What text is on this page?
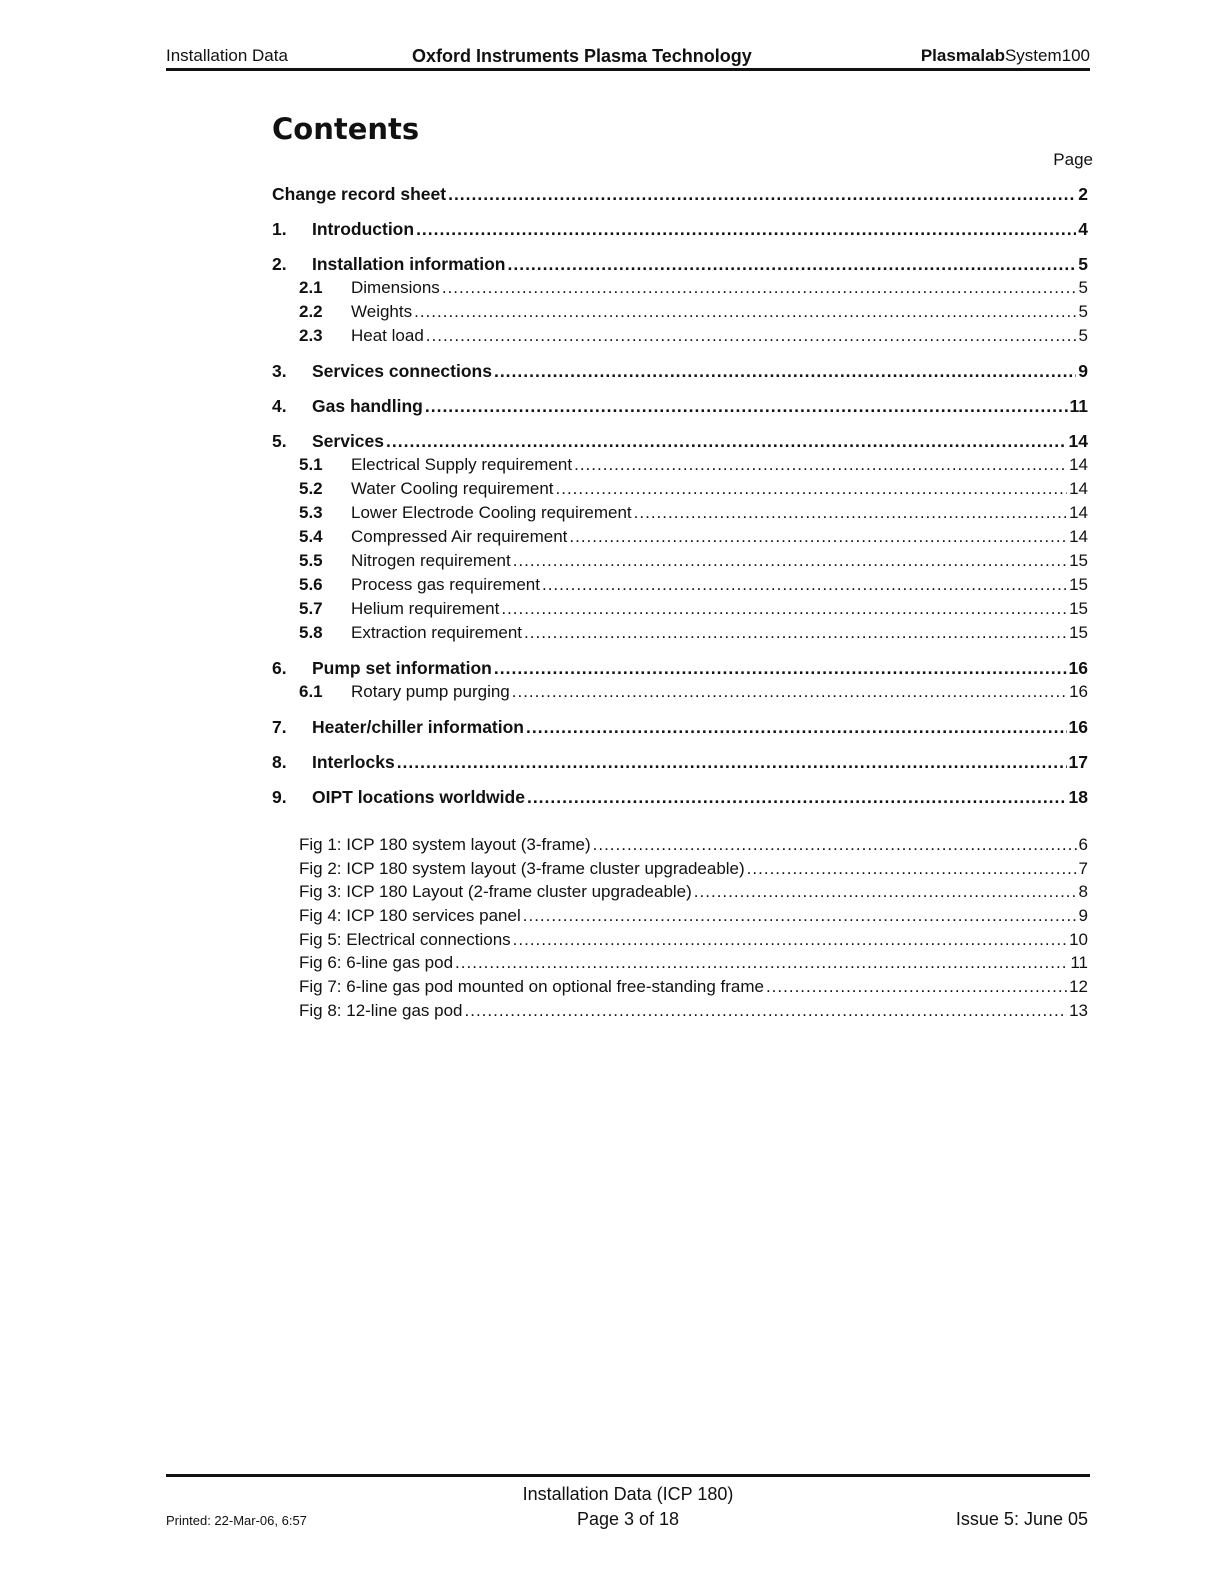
Installation Data	Oxford Instruments Plasma Technology	PlasmalabSystem100
Contents
Page
Change record sheet .....	2
1. Introduction .....	4
2. Installation information .....	5
2.1 Dimensions .....	5
2.2 Weights .....	5
2.3 Heat load .....	5
3. Services connections .....	9
4. Gas handling .....	11
5. Services .....	14
5.1 Electrical Supply requirement .....	14
5.2 Water Cooling requirement .....	14
5.3 Lower Electrode Cooling requirement .....	14
5.4 Compressed Air requirement .....	14
5.5 Nitrogen requirement .....	15
5.6 Process gas requirement .....	15
5.7 Helium requirement .....	15
5.8 Extraction requirement .....	15
6. Pump set information .....	16
6.1 Rotary pump purging .....	16
7. Heater/chiller information .....	16
8. Interlocks .....	17
9. OIPT locations worldwide .....	18
Fig 1: ICP 180 system layout (3-frame) .....	6
Fig 2: ICP 180 system layout (3-frame cluster upgradeable) .....	7
Fig 3: ICP 180 Layout (2-frame cluster upgradeable) .....	8
Fig 4: ICP 180 services panel .....	9
Fig 5: Electrical connections .....	10
Fig 6: 6-line gas pod .....	11
Fig 7: 6-line gas pod mounted on optional free-standing frame .....	12
Fig 8: 12-line gas pod .....	13
Installation Data (ICP 180)
Page 3 of 18
Printed: 22-Mar-06, 6:57	Issue 5: June 05
